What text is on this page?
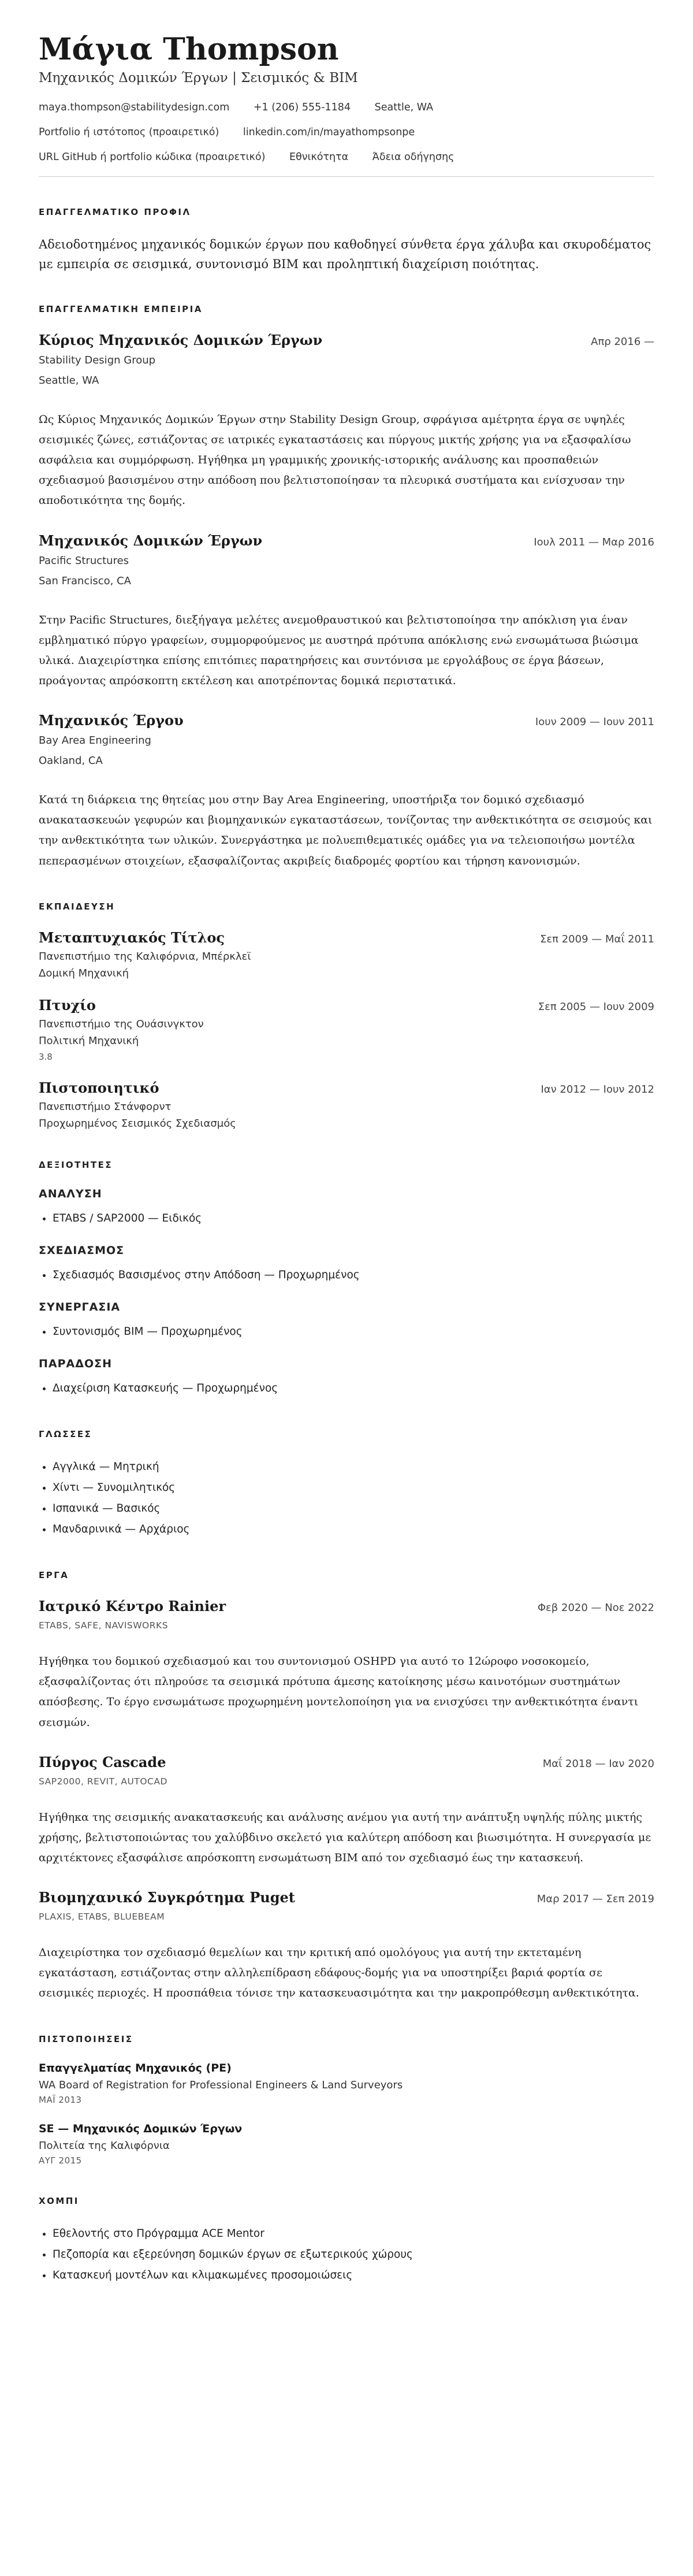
Μάγια Thompson
Μηχανικός Δομικών Έργων | Σεισμικός & BIM
maya.thompson@stabilitydesign.com +1 (206) 555-1184 Seattle, WA
Portfolio ή ιστότοπος (προαιρετικό) linkedin.com/in/mayathompsonpe
URL GitHub ή portfolio κώδικα (προαιρετικό) Εθνικότητα Άδεια οδήγησης
ΕΠΑΓΓΕΛΜΑΤΙΚΟ ΠΡΟΦΙΛ

Αδειοδοτημένος μηχανικός δομικών έργων που καθοδηγεί σύνθετα έργα χάλυβα και σκυροδέματος με εμπειρία σε σεισμικά, συντονισμό BIM και προληπτική διαχείριση ποιότητας.

ΕΠΑΓΓΕΛΜΑΤΙΚΗ ΕΜΠΕΙΡΙΑ
Κύριος Μηχανικός Δομικών Έργων	Απρ 2016 —
Stability Design Group
Seattle, WA

Ως Κύριος Μηχανικός Δομικών Έργων στην Stability Design Group, σφράγισα αμέτρητα έργα σε υψηλές σεισμικές ζώνες, εστιάζοντας σε ιατρικές εγκαταστάσεις και πύργους μικτής χρήσης για να εξασφαλίσω ασφάλεια και συμμόρφωση. Ηγήθηκα μη γραμμικής χρονικής-ιστορικής ανάλυσης και προσπαθειών σχεδιασμού βασισμένου στην απόδοση που βελτιστοποίησαν τα πλευρικά συστήματα και ενίσχυσαν την αποδοτικότητα της δομής.

Μηχανικός Δομικών Έργων	Ιουλ 2011 — Μαρ 2016
Pacific Structures
San Francisco, CA

Στην Pacific Structures, διεξήγαγα μελέτες ανεμοθραυστικού και βελτιστοποίησα την απόκλιση για έναν εμβληματικό πύργο γραφείων, συμμορφούμενος με αυστηρά πρότυπα απόκλισης ενώ ενσωμάτωσα βιώσιμα υλικά. Διαχειρίστηκα επίσης επιτόπιες παρατηρήσεις και συντόνισα με εργολάβους σε έργα βάσεων, προάγοντας απρόσκοπτη εκτέλεση και αποτρέποντας δομικά περιστατικά.

Μηχανικός Έργου	Ιουν 2009 — Ιουν 2011
Bay Area Engineering
Oakland, CA

Κατά τη διάρκεια της θητείας μου στην Bay Area Engineering, υποστήριξα τον δομικό σχεδιασμό ανακατασκευών γεφυρών και βιομηχανικών εγκαταστάσεων, τονίζοντας την ανθεκτικότητα σε σεισμούς και την ανθεκτικότητα των υλικών. Συνεργάστηκα με πολυεπιθεματικές ομάδες για να τελειοποιήσω μοντέλα πεπερασμένων στοιχείων, εξασφαλίζοντας ακριβείς διαδρομές φορτίου και τήρηση κανονισμών.

ΕΚΠΑΙΔΕΥΣΗ
Μεταπτυχιακός Τίτλος	Σεπ 2009 — Μαΐ 2011
Πανεπιστήμιο της Καλιφόρνια, Μπέρκλεϊ
Δομική Μηχανική
Πτυχίο	Σεπ 2005 — Ιουν 2009
Πανεπιστήμιο της Ουάσινγκτον
Πολιτική Μηχανική
3.8
Πιστοποιητικό	Ιαν 2012 — Ιουν 2012
Πανεπιστήμιο Στάνφορντ
Προχωρημένος Σεισμικός Σχεδιασμός
ΔΕΞΙΟΤΗΤΕΣ
ΑΝΑΛΥΣΗ
• ETABS / SAP2000 — Ειδικός
ΣΧΕΔΙΑΣΜΟΣ
• Σχεδιασμός Βασισμένος στην Απόδοση — Προχωρημένος
ΣΥΝΕΡΓΑΣΙΑ
• Συντονισμός BIM — Προχωρημένος
ΠΑΡΑΔΟΣΗ
• Διαχείριση Κατασκευής — Προχωρημένος
ΓΛΩΣΣΕΣ
• Αγγλικά — Μητρική
• Χίντι — Συνομιλητικός
• Ισπανικά — Βασικός
• Μανδαρινικά — Αρχάριος
ΕΡΓΑ
Ιατρικό Κέντρο Rainier	Φεβ 2020 — Νοε 2022
ETABS, SAFE, NAVISWORKS

Ηγήθηκα του δομικού σχεδιασμού και του συντονισμού OSHPD για αυτό το 12ώροφο νοσοκομείο, εξασφαλίζοντας ότι πληρούσε τα σεισμικά πρότυπα άμεσης κατοίκησης μέσω καινοτόμων συστημάτων απόσβεσης. Το έργο ενσωμάτωσε προχωρημένη μοντελοποίηση για να ενισχύσει την ανθεκτικότητα έναντι σεισμών.

Πύργος Cascade	Μαΐ 2018 — Ιαν 2020
SAP2000, REVIT, AUTOCAD

Ηγήθηκα της σεισμικής ανακατασκευής και ανάλυσης ανέμου για αυτή την ανάπτυξη υψηλής πύλης μικτής χρήσης, βελτιστοποιώντας του χαλύβδινο σκελετό για καλύτερη απόδοση και βιωσιμότητα. Η συνεργασία με αρχιτέκτονες εξασφάλισε απρόσκοπτη ενσωμάτωση BIM από τον σχεδιασμό έως την κατασκευή.

Βιομηχανικό Συγκρότημα Puget	Μαρ 2017 — Σεπ 2019
PLAXIS, ETABS, BLUEBEAM

Διαχειρίστηκα τον σχεδιασμό θεμελίων και την κριτική από ομολόγους για αυτή την εκτεταμένη εγκατάσταση, εστιάζοντας στην αλληλεπίδραση εδάφους-δομής για να υποστηρίξει βαριά φορτία σε σεισμικές περιοχές. Η προσπάθεια τόνισε την κατασκευασιμότητα και την μακροπρόθεσμη ανθεκτικότητα.

ΠΙΣΤΟΠΟΙΗΣΕΙΣ
Επαγγελματίας Μηχανικός (PE)
WA Board of Registration for Professional Engineers & Land Surveyors
ΜΑΪ 2013
SE — Μηχανικός Δομικών Έργων
Πολιτεία της Καλιφόρνια
ΑΥΓ 2015
ΧΟΜΠΙ
• Εθελοντής στο Πρόγραμμα ACE Mentor
• Πεζοπορία και εξερεύνηση δομικών έργων σε εξωτερικούς χώρους
• Κατασκευή μοντέλων και κλιμακωμένες προσομοιώσεις
